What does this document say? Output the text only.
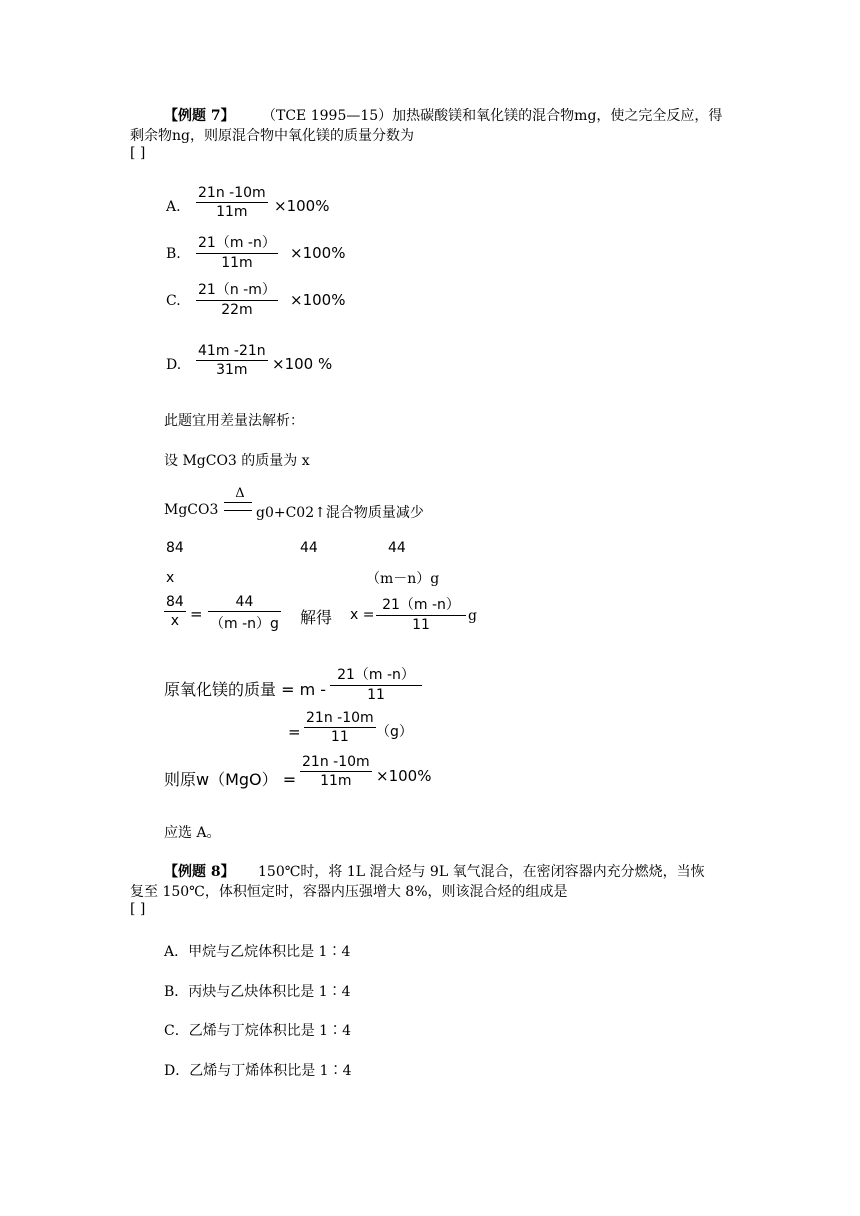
【例题 7】 （TCE 1995—15）加热碳酸镁和氧化镁的混合物mg，使之完全反应，得
剩余物ng，则原混合物中氧化镁的质量分数为
[ ]
A.
21n -10m
11m	×100%
B.
21（m -n）
11m
×100%
C.
21（n -m）
22m
×100%
D.
41m -21n
31m	×100 %
此题宜用差量法解析：
设 MgCO3 的质量为 x
MgCO3
Δ
g0+C02↑混合物质量减少
84	44	44
x	（m－n）g
84
x =
44
（m -n）g 解得 x =
21（m -n）
11
g
原氧化镁的质量 = m -
21（m -n）
11
=
21n -10m
11	（g）
则原w（MgO） =
21n -10m
11m	×100%
应选 A。
【例题 8】 150℃时，将 1L 混合烃与 9L 氧气混合，在密闭容器内充分燃烧，当恢
复至 150℃，体积恒定时，容器内压强增大 8%，则该混合烃的组成是
[ ]
A．甲烷与乙烷体积比是 1∶4
B．丙炔与乙炔体积比是 1∶4
C．乙烯与丁烷体积比是 1∶4
D．乙烯与丁烯体积比是 1∶4
